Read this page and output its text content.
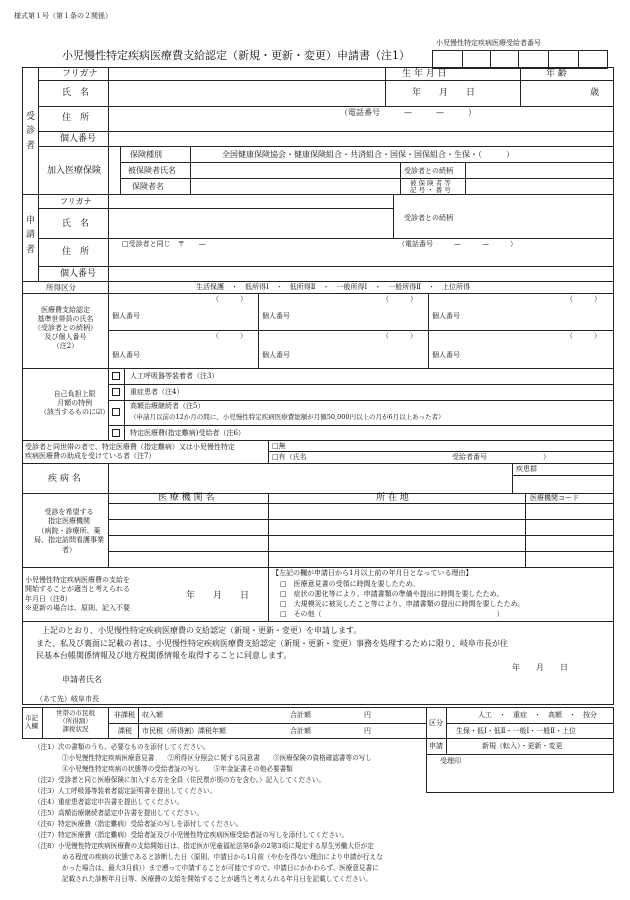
様式第１号（第１条の２関係）
小児慢性特定疾病医療受給者番号
小児慢性特定疾病医療費支給認定（新規・更新・変更）申請書（注1）
受
診
者
フリガナ
氏　名
生 年 月 日	年 齢
年　　月　　日	歳
住　所
（電話番号　　　—　　　—　　　）
個人番号
加入医療保険
保険種別	全国健康保険協会・健康保険組合・共済組合・国保・国保組合・生保・（　　　）
被保険者氏名	受診者との続柄
保険者名	被 保 険 者 等
記 号 ・ 番 号
申
請
者
フリガナ
氏　名
受診者との続柄
住　所
□受診者と同じ　〒　　—	（電話番号　　　—　　　—　　　）
個人番号
所得区分	生活保護　・　低所得Ⅰ　・　低所得Ⅱ　・　一般所得Ⅰ　・　一般所得Ⅱ　・　上位所得
医療費支給認定
基準世帯員の氏名
（受診者との続柄）
及び個人番号
（注2）
（　　　）	（　　　）	（　　　）
個人番号	個人番号	個人番号
（　　　）	（　　　）	（　　　）
個人番号	個人番号	個人番号
自己負担上限
月額の特例
（該当するものに☑）
人工呼吸器等装着者（注3）
重症患者（注4）
高額治療継続者（注5）
（申請月以前の12か月の間に、小児慢性特定疾病医療費総額が月額50,000円以上の月が6月以上あった者）
特定医療費(指定難病)受給者（注6）
受診者と同世帯の者で、特定医療費（指定難病）又は小児慢性特定
疾病医療費の助成を受けている者（注7）
□無
□有（氏名	受給者番号　　　　　　　　）
疾 病 名
疾患群
受診を希望する
指定医療機関
（病院・診療所、薬
局、指定訪問看護事業
者）
医 療 機 関 名	所 在 地	医療機関コード
小児慢性特定疾病医療費の支給を
開始することが適当と考えられる
年月日（注8）
※更新の場合は、原則、記入不要
年　　月　　日
【左記の欄が申請日から1月以上前の年月日となっている理由】
□　医療意見書の受領に時間を要したため。
□　症状の悪化等により、申請書類の準備や提出に時間を要したため。
□　大規模災に被災したこと等により、申請書類の提出に時間を要したため。
□　その他（　　　　　　　　　　　　　　　　　　　　　　　　　）
上記のとおり、小児慢性特定疾病医療費の支給認定（新規・更新・変更）を申請します。
また、私及び裏面に記載の者は、小児慢性特定疾病医療費支給認定（新規・更新・変更）事務を処理するために限り、岐阜市長が住
民基本台帳関係情報及び地方税関係情報を取得することに同意します。
年　　月　　日
申請者氏名
（あて先）岐阜市長
市記
入欄
世帯の市民税
（所得割）
課税状況
非課税 収入額	合計額	円
課税 市民税（所得割）課税年額	合計額	円
区分
人工　・　重症　・　高額　・　按分
生保・低Ⅰ・低Ⅱ・一般Ⅰ・一般Ⅱ・上位
申請	新規（転入）・更新・変更
受理印
（注1）次の書類のうち、必要なものを添付してください。
①小児慢性特定疾病医療意見書　　②所得区分照会に関する同意書　　③医療保険の資格確認書等の写し
④小児慢性特定疾病の状態等の受給者証の写し　　⑤年金証書その他必要書類
（注2）受診者と同じ医療保険に加入する方を全員（住民票が別の方を含む。）記入してください。
（注3）人工呼吸器等装着者認定証明書を提出してください。
（注4）重症患者認定申告書を提出してください。
（注5）高額治療継続者認定申告書を提出してください。
（注6）特定医療費（指定難病）受給者証の写しを添付してください。
（注7）特定医療費（指定難病）受給者証及び小児慢性特定疾病医療受給者証の写しを添付してください。
（注8）小児慢性特定疾病医療費の支給開始日は、指定医が児童福祉法第6条の2第3項に規定する厚生労働大臣が定
める程度の疾病の状態であると診断した日（原則、申請日から1月前（やむを得ない理由により申請が行えな
かった場合は、最大3月前））まで遡って申請することが可能ですので、申請日にかかわらず、医療意見書に
記載された診断年月日等、医療費の支給を開始することが適当と考えられる年月日を記載してください。
